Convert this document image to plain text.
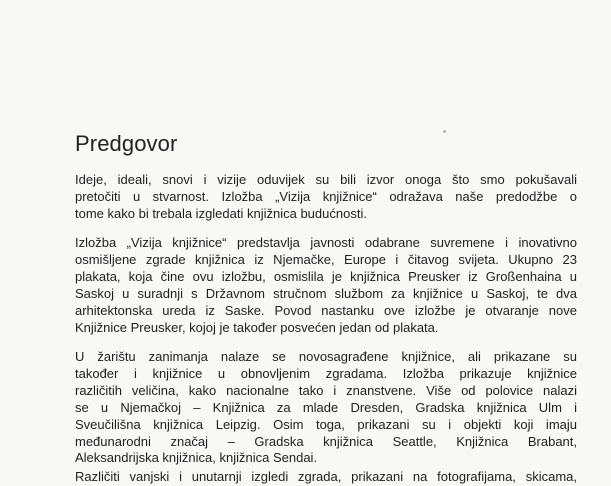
Predgovor

Ideje, ideali, snovi i vizije oduvijek su bili izvor onoga što smo pokušavali
pretočiti u stvarnost. Izložba „Vizija knjižnice“ odražava naše predodžbe o
tome kako bi trebala izgledati knjižnica budućnosti.

Izložba „Vizija knjižnice“ predstavlja javnosti odabrane suvremene i inovativno
osmišljene zgrade knjižnica iz Njemačke, Europe i čitavog svijeta. Ukupno 23
plakata, koja čine ovu izložbu, osmislila je knjižnica Preusker iz Großenhaina u
Saskoj u suradnji s Državnom stručnom službom za knjižnice u Saskoj, te dva
arhitektonska ureda iz Saske. Povod nastanku ove izložbe je otvaranje nove
Knjižnice Preusker, kojoj je također posvećen jedan od plakata.

U žarištu zanimanja nalaze se novosagrađene knjižnice, ali prikazane su
također i knjižnice u obnovljenim zgradama. Izložba prikazuje knjižnice
različitih veličina, kako nacionalne tako i znanstvene. Više od polovice nalazi
se u Njemačkoj – Knjižnica za mlade Dresden, Gradska knjižnica Ulm i
Sveučilišna knjižnica Leipzig. Osim toga, prikazani su i objekti koji imaju
međunarodni značaj – Gradska knjižnica Seattle, Knjižnica Brabant,
Aleksandrijska knjižnica, knjižnica Sendai.

Različiti vanjski i unutarnji izgledi zgrada, prikazani na fotografijama, skicama,
